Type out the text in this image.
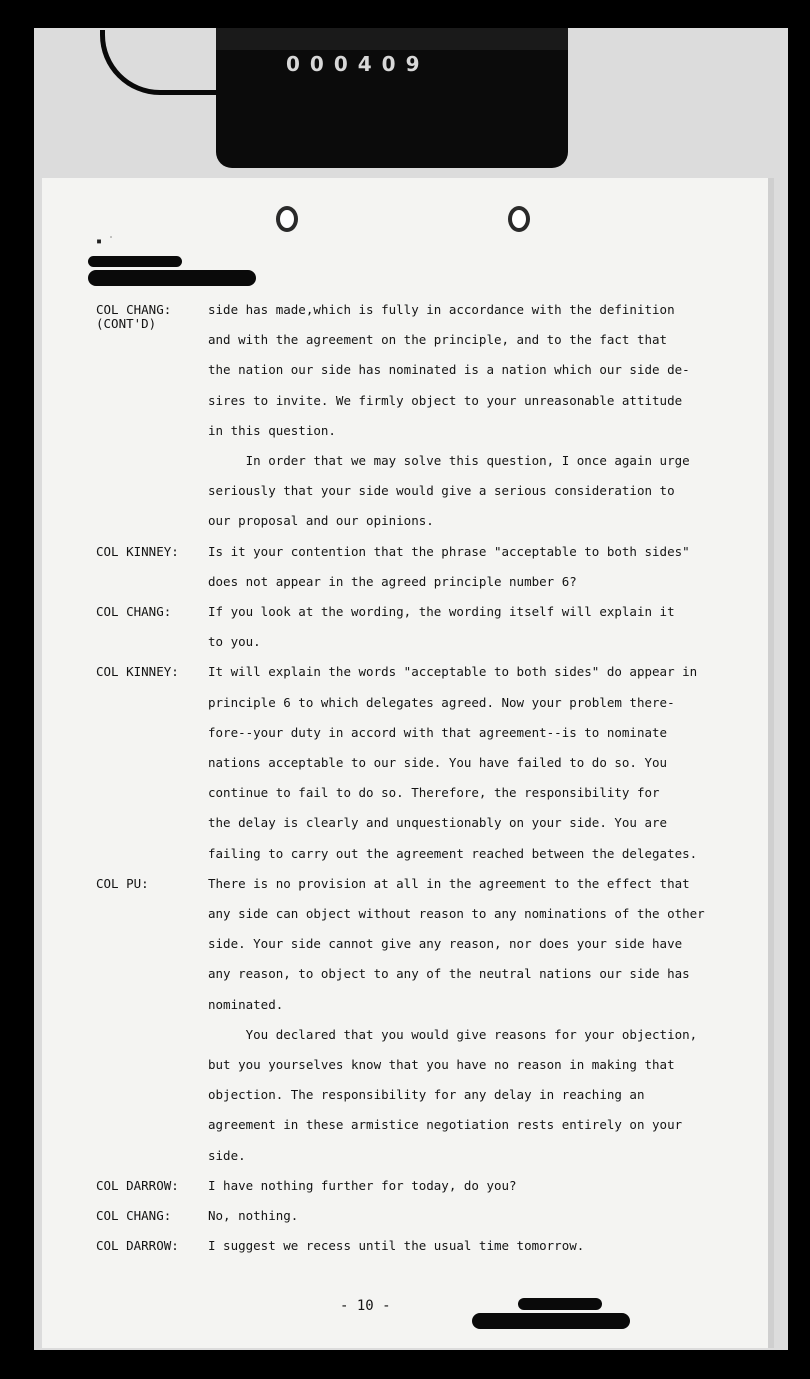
000409
▪ ˙
COL CHANG:
(CONT'D)
side has made,which is fully in accordance with the definition
and with the agreement on the principle, and to the fact that
the nation our side has nominated is a nation which our side de-
sires to invite. We firmly object to your unreasonable attitude
in this question.
In order that we may solve this question, I once again urge
seriously that your side would give a serious consideration to
our proposal and our opinions.
COL KINNEY: Is it your contention that the phrase "acceptable to both sides"
does not appear in the agreed principle number 6?
COL CHANG:	If you look at the wording, the wording itself will explain it
to you.
COL KINNEY: It will explain the words "acceptable to both sides" do appear in
principle 6 to which delegates agreed. Now your problem there-
fore--your duty in accord with that agreement--is to nominate
nations acceptable to our side. You have failed to do so. You
continue to fail to do so. Therefore, the responsibility for
the delay is clearly and unquestionably on your side. You are
failing to carry out the agreement reached between the delegates.
COL PU:	There is no provision at all in the agreement to the effect that
any side can object without reason to any nominations of the other
side. Your side cannot give any reason, nor does your side have
any reason, to object to any of the neutral nations our side has
nominated.
You declared that you would give reasons for your objection,
but you yourselves know that you have no reason in making that
objection. The responsibility for any delay in reaching an
agreement in these armistice negotiation rests entirely on your
side.
COL DARROW: I have nothing further for today, do you?
COL CHANG:	No, nothing.
COL DARROW: I suggest we recess until the usual time tomorrow.
- 10 -
